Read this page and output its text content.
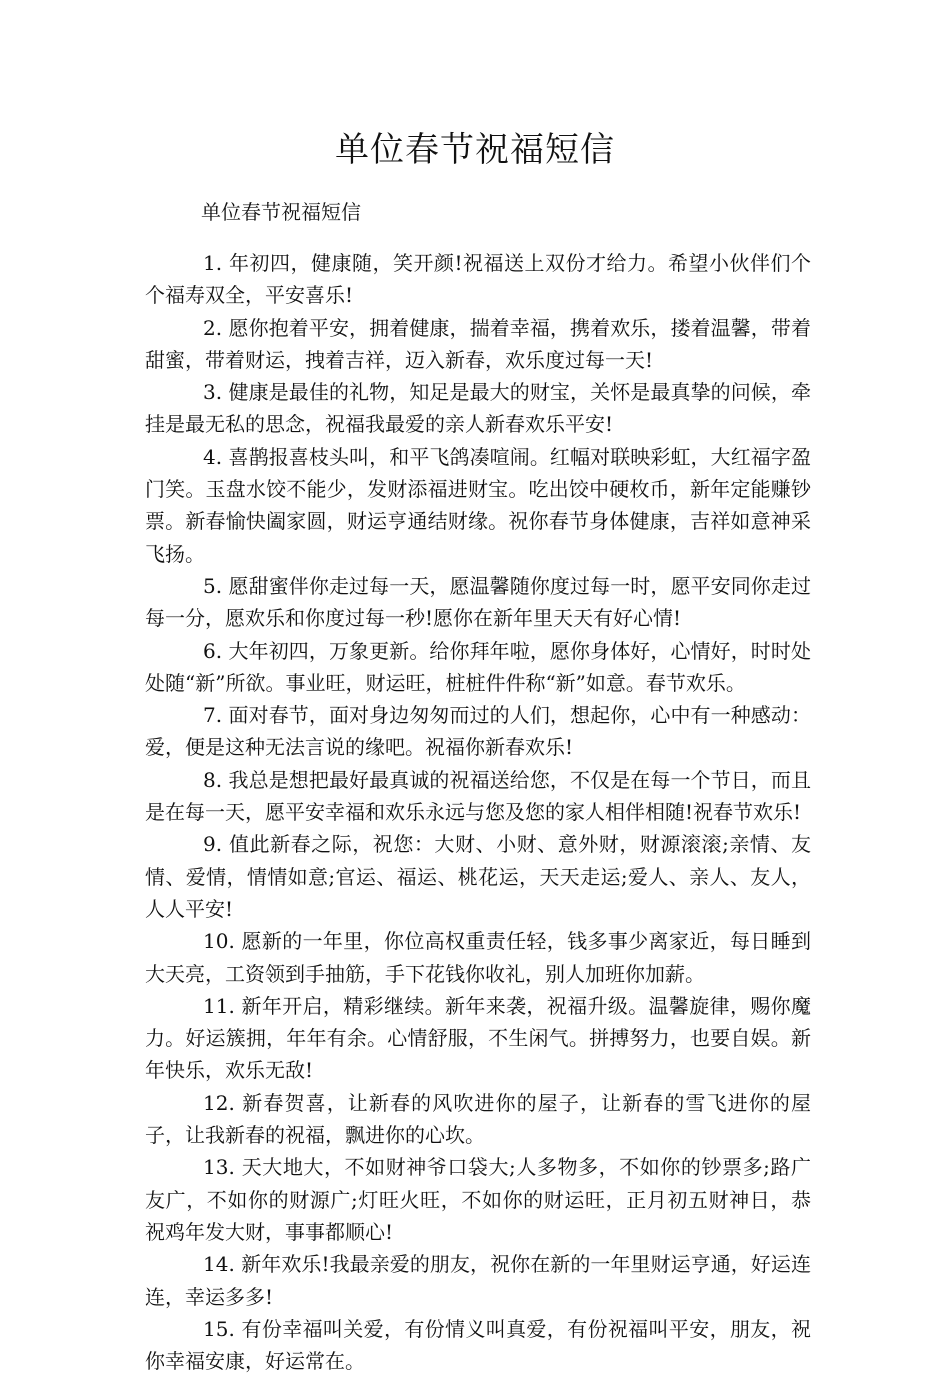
单位春节祝福短信

单位春节祝福短信

1. 年初四，健康随，笑开颜!祝福送上双份才给力。希望小伙伴们个个福寿双全，平安喜乐!

2. 愿你抱着平安，拥着健康，揣着幸福，携着欢乐，搂着温馨，带着甜蜜，带着财运，拽着吉祥，迈入新春，欢乐度过每一天!

3. 健康是最佳的礼物，知足是最大的财宝，关怀是最真挚的问候，牵挂是最无私的思念，祝福我最爱的亲人新春欢乐平安!

4. 喜鹊报喜枝头叫，和平飞鸽凑喧闹。红幅对联映彩虹，大红福字盈门笑。玉盘水饺不能少，发财添福进财宝。吃出饺中硬枚币，新年定能赚钞票。新春愉快阖家圆，财运亨通结财缘。祝你春节身体健康，吉祥如意神采飞扬。

5. 愿甜蜜伴你走过每一天，愿温馨随你度过每一时，愿平安同你走过每一分，愿欢乐和你度过每一秒!愿你在新年里天天有好心情!

6. 大年初四，万象更新。给你拜年啦，愿你身体好，心情好，时时处处随“新”所欲。事业旺，财运旺，桩桩件件称“新”如意。春节欢乐。

7. 面对春节，面对身边匆匆而过的人们，想起你，心中有一种感动：爱，便是这种无法言说的缘吧。祝福你新春欢乐!

8. 我总是想把最好最真诚的祝福送给您，不仅是在每一个节日，而且是在每一天，愿平安幸福和欢乐永远与您及您的家人相伴相随!祝春节欢乐!

9. 值此新春之际，祝您：大财、小财、意外财，财源滚滚;亲情、友情、爱情，情情如意;官运、福运、桃花运，天天走运;爱人、亲人、友人，人人平安!

10. 愿新的一年里，你位高权重责任轻，钱多事少离家近，每日睡到大天亮，工资领到手抽筋，手下花钱你收礼，别人加班你加薪。

11. 新年开启，精彩继续。新年来袭，祝福升级。温馨旋律，赐你魔力。好运簇拥，年年有余。心情舒服，不生闲气。拼搏努力，也要自娱。新年快乐，欢乐无敌!

12. 新春贺喜，让新春的风吹进你的屋子，让新春的雪飞进你的屋子，让我新春的祝福，飘进你的心坎。

13. 天大地大，不如财神爷口袋大;人多物多，不如你的钞票多;路广友广，不如你的财源广;灯旺火旺，不如你的财运旺，正月初五财神日，恭祝鸡年发大财，事事都顺心!

14. 新年欢乐!我最亲爱的朋友，祝你在新的一年里财运亨通，好运连连，幸运多多!

15. 有份幸福叫关爱，有份情义叫真爱，有份祝福叫平安，朋友，祝你幸福安康，好运常在。
